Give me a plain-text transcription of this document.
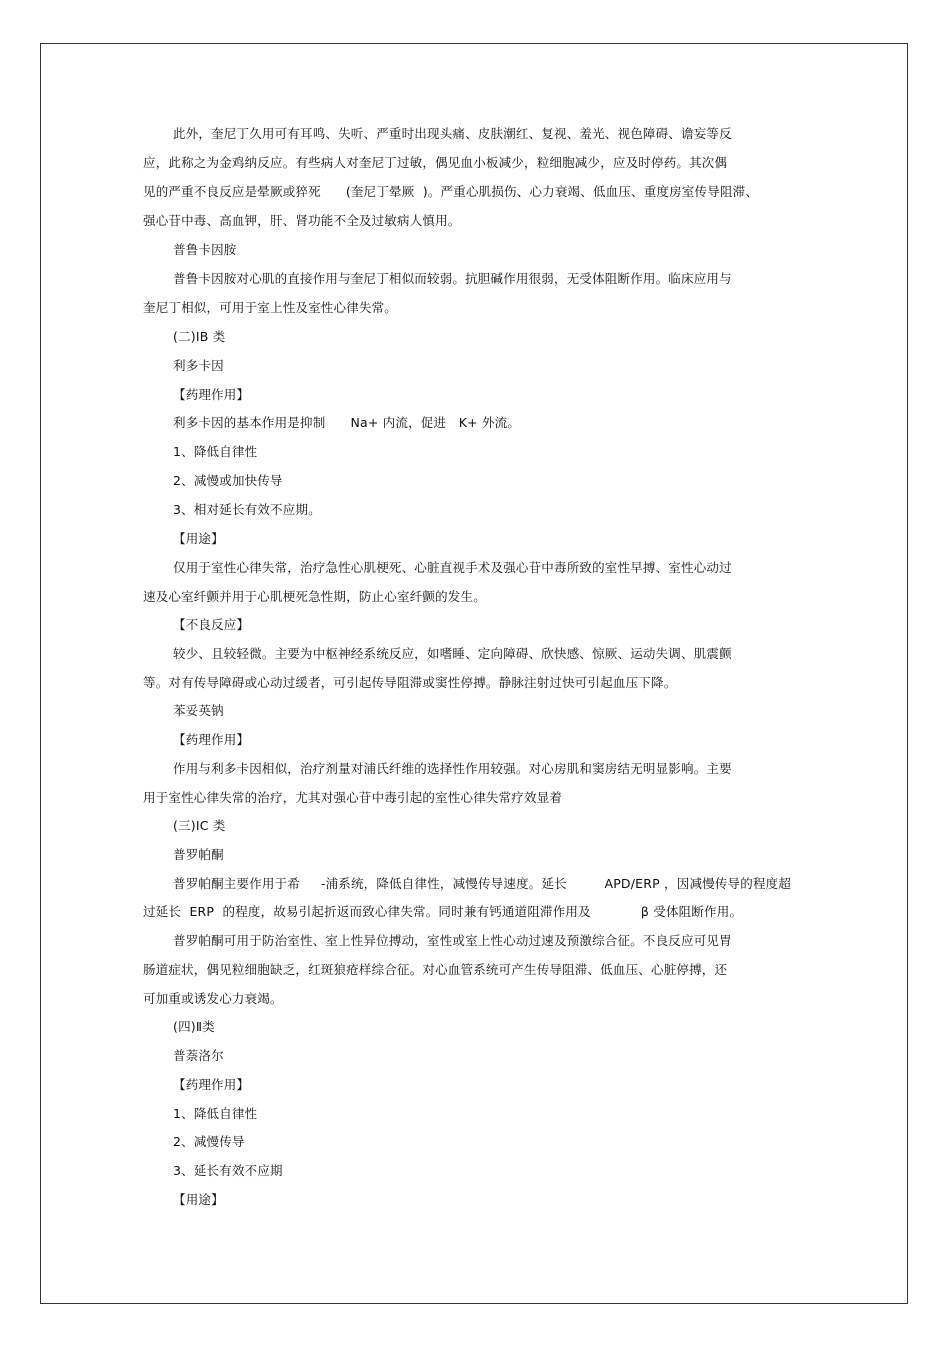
此外，奎尼丁久用可有耳鸣、失听、严重时出现头痛、皮肤潮红、复视、羞光、视色障碍、谵妄等反
应，此称之为金鸡纳反应。有些病人对奎尼丁过敏，偶见血小板减少，粒细胞减少，应及时停药。其次偶
见的严重不良反应是晕厥或猝死      (奎尼丁晕厥  )。严重心肌损伤、心力衰竭、低血压、重度房室传导阻滞、
强心苷中毒、高血钾，肝、肾功能不全及过敏病人慎用。
普鲁卡因胺
普鲁卡因胺对心肌的直接作用与奎尼丁相似而较弱。抗胆碱作用很弱，无受体阻断作用。临床应用与
奎尼丁相似，可用于室上性及室性心律失常。
(二)IB 类
利多卡因
【药理作用】
利多卡因的基本作用是抑制      Na+ 内流，促进   K+ 外流。
1、降低自律性
2、减慢或加快传导
3、相对延长有效不应期。
【用途】
仅用于室性心律失常，治疗急性心肌梗死、心脏直视手术及强心苷中毒所致的室性早搏、室性心动过
速及心室纤颤并用于心肌梗死急性期，防止心室纤颤的发生。
【不良反应】
较少、且较轻微。主要为中枢神经系统反应，如嗜睡、定向障碍、欣快感、惊厥、运动失调、肌震颤
等。对有传导障碍或心动过缓者，可引起传导阻滞或窦性停搏。静脉注射过快可引起血压下降。
苯妥英钠
【药理作用】
作用与利多卡因相似，治疗剂量对浦氏纤维的选择性作用较强。对心房肌和窦房结无明显影响。主要
用于室性心律失常的治疗，尤其对强心苷中毒引起的室性心律失常疗效显着
(三)IC 类
普罗帕酮
普罗帕酮主要作用于希     -浦系统，降低自律性，减慢传导速度。延长         APD/ERP ，因减慢传导的程度超
过延长  ERP  的程度，故易引起折返而致心律失常。同时兼有钙通道阻滞作用及            β 受体阻断作用。
普罗帕酮可用于防治室性、室上性异位搏动，室性或室上性心动过速及预激综合征。不良反应可见胃
肠道症状，偶见粒细胞缺乏，红斑狼疮样综合征。对心血管系统可产生传导阻滞、低血压、心脏停搏，还
可加重或诱发心力衰竭。
(四)Ⅱ类
普萘洛尔
【药理作用】
1、降低自律性
2、减慢传导
3、延长有效不应期
【用途】
